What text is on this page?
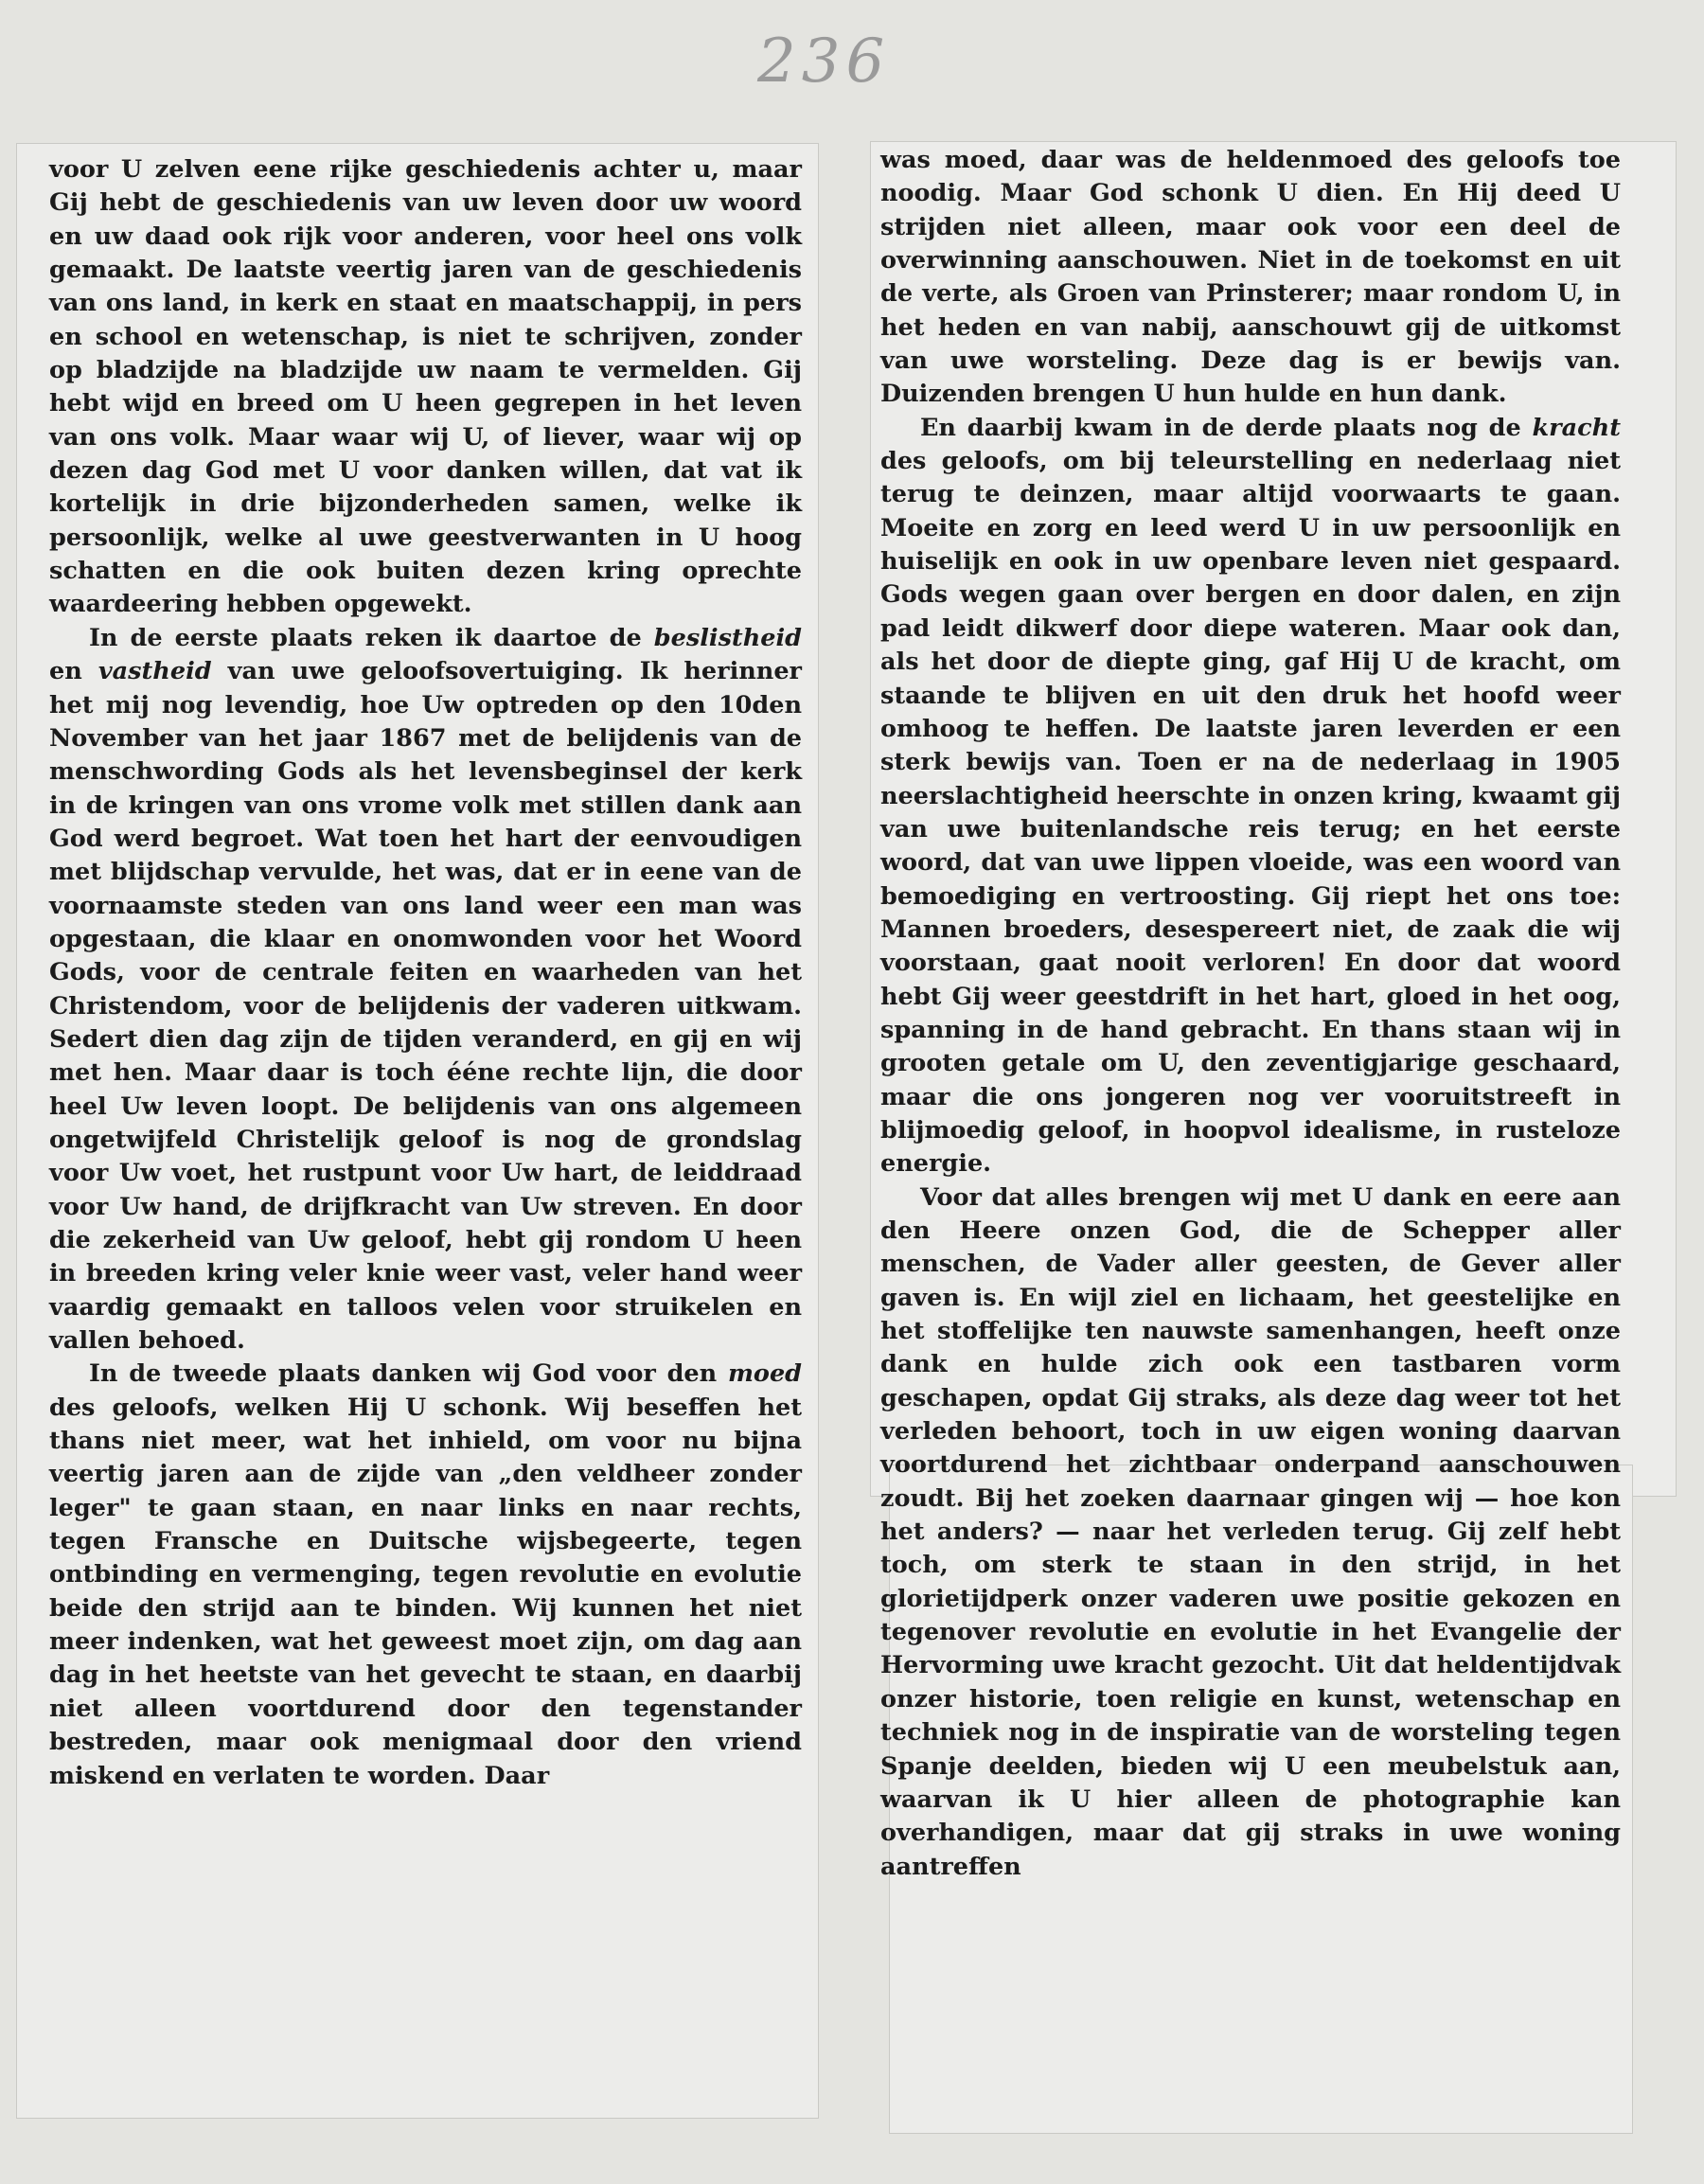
236

voor U zelven eene rijke geschiedenis achter u, maar Gij hebt de geschiedenis van uw leven door uw woord en uw daad ook rijk voor anderen, voor heel ons volk gemaakt. De laatste veertig jaren van de geschiedenis van ons land, in kerk en staat en maatschappij, in pers en school en wetenschap, is niet te schrijven, zonder op bladzijde na bladzijde uw naam te vermelden. Gij hebt wijd en breed om U heen gegrepen in het leven van ons volk. Maar waar wij U, of liever, waar wij op dezen dag God met U voor danken willen, dat vat ik kortelijk in drie bijzonderheden samen, welke ik persoonlijk, welke al uwe geestverwanten in U hoog schatten en die ook buiten dezen kring oprechte waardeering hebben opgewekt.

In de eerste plaats reken ik daartoe de beslistheid en vastheid van uwe geloofsovertuiging. Ik herinner het mij nog levendig, hoe Uw optreden op den 10den November van het jaar 1867 met de belijdenis van de menschwording Gods als het levensbeginsel der kerk in de kringen van ons vrome volk met stillen dank aan God werd begroet. Wat toen het hart der eenvoudigen met blijdschap vervulde, het was, dat er in eene van de voornaamste steden van ons land weer een man was opgestaan, die klaar en onomwonden voor het Woord Gods, voor de centrale feiten en waarheden van het Christendom, voor de belijdenis der vaderen uitkwam. Sedert dien dag zijn de tijden veranderd, en gij en wij met hen. Maar daar is toch ééne rechte lijn, die door heel Uw leven loopt. De belijdenis van ons algemeen ongetwijfeld Christelijk geloof is nog de grondslag voor Uw voet, het rustpunt voor Uw hart, de leiddraad voor Uw hand, de drijfkracht van Uw streven. En door die zekerheid van Uw geloof, hebt gij rondom U heen in breeden kring veler knie weer vast, veler hand weer vaardig gemaakt en talloos velen voor struikelen en vallen behoed.

In de tweede plaats danken wij God voor den moed des geloofs, welken Hij U schonk. Wij beseffen het thans niet meer, wat het inhield, om voor nu bijna veertig jaren aan de zijde van „den veldheer zonder leger" te gaan staan, en naar links en naar rechts, tegen Fransche en Duitsche wijsbegeerte, tegen ontbinding en vermenging, tegen revolutie en evolutie beide den strijd aan te binden. Wij kunnen het niet meer indenken, wat het geweest moet zijn, om dag aan dag in het heetste van het gevecht te staan, en daarbij niet alleen voortdurend door den tegenstander bestreden, maar ook menigmaal door den vriend miskend en verlaten te worden. Daar

was moed, daar was de heldenmoed des geloofs toe noodig. Maar God schonk U dien. En Hij deed U strijden niet alleen, maar ook voor een deel de overwinning aanschouwen. Niet in de toekomst en uit de verte, als Groen van Prinsterer; maar rondom U, in het heden en van nabij, aanschouwt gij de uitkomst van uwe worsteling. Deze dag is er bewijs van. Duizenden brengen U hun hulde en hun dank.

En daarbij kwam in de derde plaats nog de kracht des geloofs, om bij teleurstelling en nederlaag niet terug te deinzen, maar altijd voorwaarts te gaan. Moeite en zorg en leed werd U in uw persoonlijk en huiselijk en ook in uw openbare leven niet gespaard. Gods wegen gaan over bergen en door dalen, en zijn pad leidt dikwerf door diepe wateren. Maar ook dan, als het door de diepte ging, gaf Hij U de kracht, om staande te blijven en uit den druk het hoofd weer omhoog te heffen. De laatste jaren leverden er een sterk bewijs van. Toen er na de nederlaag in 1905 neerslachtigheid heerschte in onzen kring, kwaamt gij van uwe buitenlandsche reis terug; en het eerste woord, dat van uwe lippen vloeide, was een woord van bemoediging en vertroosting. Gij riept het ons toe: Mannen broeders, desespereert niet, de zaak die wij voorstaan, gaat nooit verloren! En door dat woord hebt Gij weer geestdrift in het hart, gloed in het oog, spanning in de hand gebracht. En thans staan wij in grooten getale om U, den zeventigjarige geschaard, maar die ons jongeren nog ver vooruitstreeft in blijmoedig geloof, in hoopvol idealisme, in rusteloze energie.

Voor dat alles brengen wij met U dank en eere aan den Heere onzen God, die de Schepper aller menschen, de Vader aller geesten, de Gever aller gaven is. En wijl ziel en lichaam, het geestelijke en het stoffelijke ten nauwste samenhangen, heeft onze dank en hulde zich ook een tastbaren vorm geschapen, opdat Gij straks, als deze dag weer tot het verleden behoort, toch in uw eigen woning daarvan voortdurend het zichtbaar onderpand aanschouwen zoudt. Bij het zoeken daarnaar gingen wij — hoe kon het anders? — naar het verleden terug. Gij zelf hebt toch, om sterk te staan in den strijd, in het glorietijdperk onzer vaderen uwe positie gekozen en tegenover revolutie en evolutie in het Evangelie der Hervorming uwe kracht gezocht. Uit dat heldentijdvak onzer historie, toen religie en kunst, wetenschap en techniek nog in de inspiratie van de worsteling tegen Spanje deelden, bieden wij U een meubelstuk aan, waarvan ik U hier alleen de photographie kan overhandigen, maar dat gij straks in uwe woning aantreffen
